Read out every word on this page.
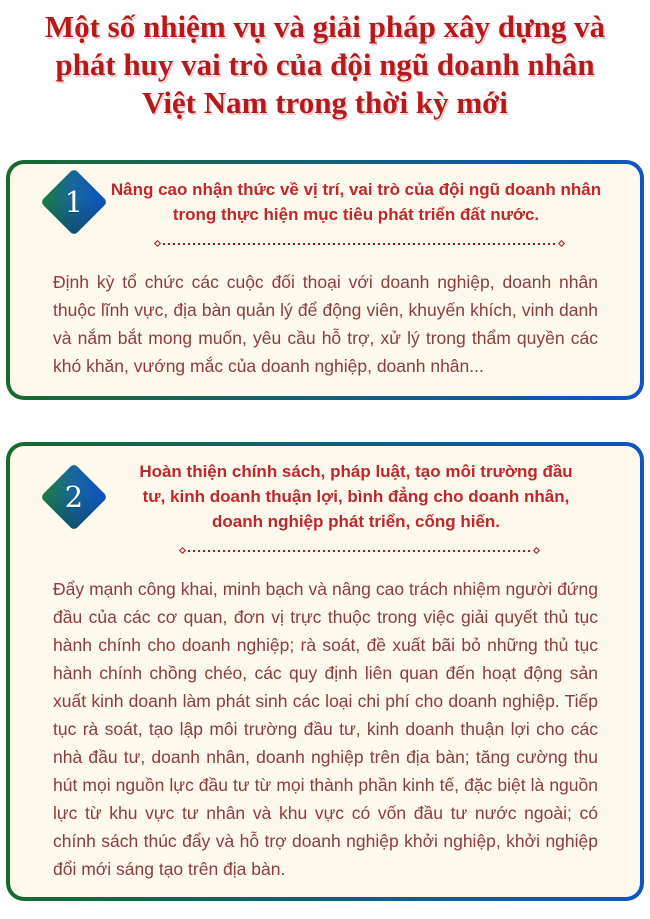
Một số nhiệm vụ và giải pháp xây dựng và
phát huy vai trò của đội ngũ doanh nhân
Việt Nam trong thời kỳ mới
1	Nâng cao nhận thức về vị trí, vai trò của đội ngũ doanh nhân trong thực hiện mục tiêu phát triển đất nước.

Định kỳ tổ chức các cuộc đối thoại với doanh nghiệp, doanh nhân thuộc lĩnh vực, địa bàn quản lý để động viên, khuyến khích, vinh danh và nắm bắt mong muốn, yêu cầu hỗ trợ, xử lý trong thẩm quyền các khó khăn, vướng mắc của doanh nghiệp, doanh nhân...

2
Hoàn thiện chính sách, pháp luật, tạo môi trường đầu tư, kinh doanh thuận lợi, bình đẳng cho doanh nhân, doanh nghiệp phát triển, cống hiến.

Đẩy mạnh công khai, minh bạch và nâng cao trách nhiệm người đứng đầu của các cơ quan, đơn vị trực thuộc trong việc giải quyết thủ tục hành chính cho doanh nghiệp; rà soát, đề xuất bãi bỏ những thủ tục hành chính chồng chéo, các quy định liên quan đến hoạt động sản xuất kinh doanh làm phát sinh các loại chi phí cho doanh nghiệp. Tiếp tục rà soát, tạo lập môi trường đầu tư, kinh doanh thuận lợi cho các nhà đầu tư, doanh nhân, doanh nghiệp trên địa bàn; tăng cường thu hút mọi nguồn lực đầu tư từ mọi thành phần kinh tế, đặc biệt là nguồn lực từ khu vực tư nhân và khu vực có vốn đầu tư nước ngoài; có chính sách thúc đẩy và hỗ trợ doanh nghiệp khởi nghiệp, khởi nghiệp đổi mới sáng tạo trên địa bàn.
